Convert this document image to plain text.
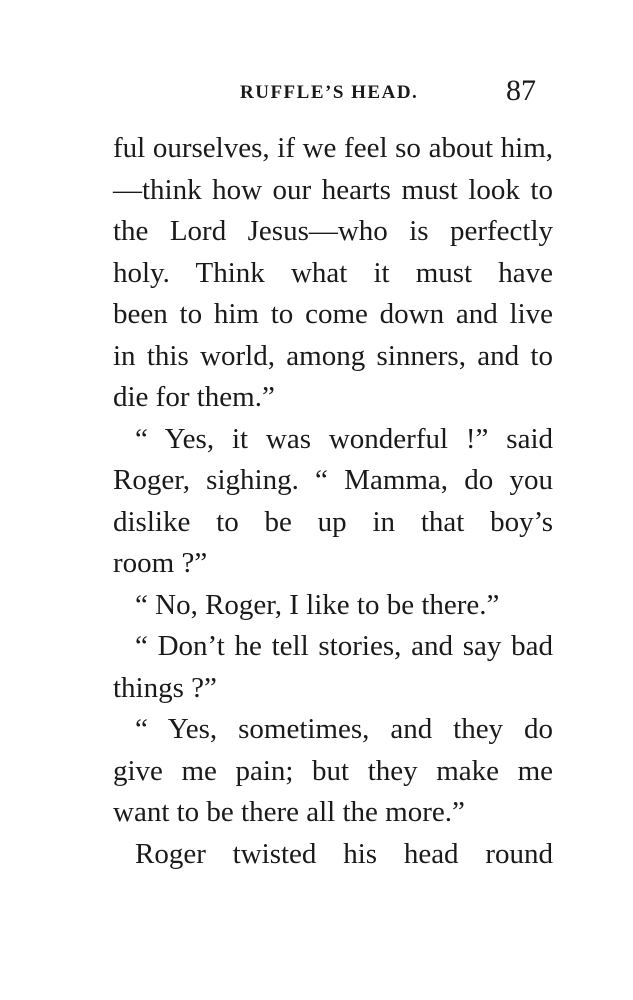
RUFFLE’S HEAD.	87
ful ourselves, if we feel so about him,
—think how our hearts must look to
the Lord Jesus—who is perfectly
holy. Think what it must have
been to him to come down and live
in this world, among sinners, and to
die for them.”
“ Yes, it was wonderful !” said
Roger, sighing. “ Mamma, do you
dislike to be up in that boy’s
room ?”
“ No, Roger, I like to be there.”
“ Don’t he tell stories, and say bad
things ?”
“ Yes, sometimes, and they do
give me pain; but they make me
want to be there all the more.”
Roger twisted his head round
